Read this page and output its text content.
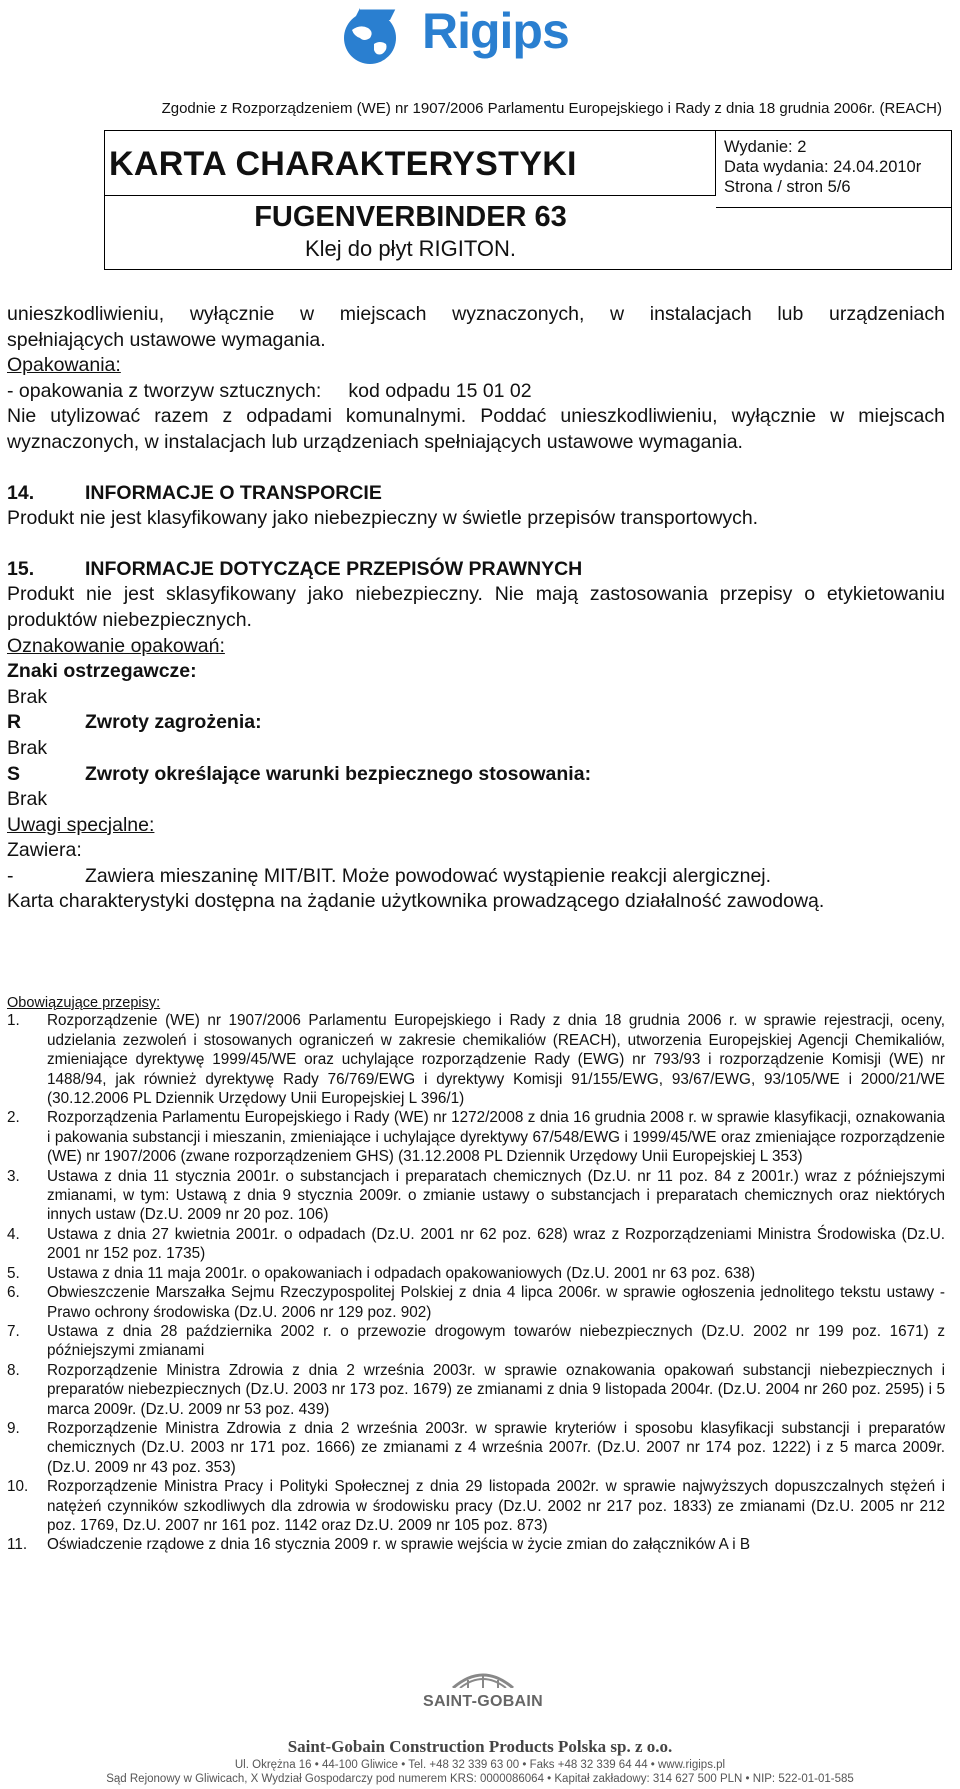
Rigips
Zgodnie z Rozporządzeniem (WE) nr 1907/2006 Parlamentu Europejskiego i Rady z dnia 18 grudnia 2006r. (REACH)
KARTA CHARAKTERYSTYKI	Wydanie: 2
Data wydania: 24.04.2010r
Strona / stron 5/6
FUGENVERBINDER 63
Klej do płyt RIGITON.

unieszkodliwieniu, wyłącznie w miejscach wyznaczonych, w instalacjach lub urządzeniach

spełniających ustawowe wymagania.

Opakowania:

- opakowania z tworzyw sztucznych:     kod odpadu 15 01 02

Nie utylizować razem z odpadami komunalnymi. Poddać unieszkodliwieniu, wyłącznie w miejscach wyznaczonych, w instalacjach lub urządzeniach spełniających ustawowe wymagania.

14.	INFORMACJE O TRANSPORCIE

Produkt nie jest klasyfikowany jako niebezpieczny w świetle przepisów transportowych.

15.	INFORMACJE DOTYCZĄCE PRZEPISÓW PRAWNYCH

Produkt nie jest sklasyfikowany jako niebezpieczny. Nie mają zastosowania przepisy o etykietowaniu produktów niebezpiecznych.

Oznakowanie opakowań:

Znaki ostrzegawcze:

Brak

R	Zwroty zagrożenia:

Brak

S	Zwroty określające warunki bezpiecznego stosowania:

Brak

Uwagi specjalne:

Zawiera:

-	Zawiera mieszaninę MIT/BIT. Może powodować wystąpienie reakcji alergicznej.

Karta charakterystyki dostępna na żądanie użytkownika prowadzącego działalność zawodową.

Obowiązujące przepisy:
1.	Rozporządzenie (WE) nr 1907/2006 Parlamentu Europejskiego i Rady z dnia 18 grudnia 2006 r. w sprawie rejestracji, oceny, udzielania zezwoleń i stosowanych ograniczeń w zakresie chemikaliów (REACH), utworzenia Europejskiej Agencji Chemikaliów, zmieniające dyrektywę 1999/45/WE oraz uchylające rozporządzenie Rady (EWG) nr 793/93 i rozporządzenie Komisji (WE) nr 1488/94, jak również dyrektywę Rady 76/769/EWG i dyrektywy Komisji 91/155/EWG, 93/67/EWG, 93/105/WE i 2000/21/WE (30.12.2006 PL Dziennik Urzędowy Unii Europejskiej L 396/1)
2.	Rozporządzenia Parlamentu Europejskiego i Rady (WE) nr 1272/2008 z dnia 16 grudnia 2008 r. w sprawie klasyfikacji, oznakowania i pakowania substancji i mieszanin, zmieniające i uchylające dyrektywy 67/548/EWG i 1999/45/WE oraz zmieniające rozporządzenie (WE) nr 1907/2006 (zwane rozporządzeniem GHS) (31.12.2008 PL Dziennik Urzędowy Unii Europejskiej L 353)
3.	Ustawa z dnia 11 stycznia 2001r. o substancjach i preparatach chemicznych (Dz.U. nr 11 poz. 84 z 2001r.) wraz z późniejszymi zmianami, w tym: Ustawą z dnia 9 stycznia 2009r. o zmianie ustawy o substancjach i preparatach chemicznych oraz niektórych innych ustaw (Dz.U. 2009 nr 20 poz. 106)
4.	Ustawa z dnia 27 kwietnia 2001r. o odpadach (Dz.U. 2001 nr 62 poz. 628) wraz z Rozporządzeniami Ministra Środowiska (Dz.U. 2001 nr 152 poz. 1735)
5.	Ustawa z dnia 11 maja 2001r. o opakowaniach i odpadach opakowaniowych (Dz.U. 2001 nr 63 poz. 638)
6.	Obwieszczenie Marszałka Sejmu Rzeczypospolitej Polskiej z dnia 4 lipca 2006r. w sprawie ogłoszenia jednolitego tekstu ustawy - Prawo ochrony środowiska (Dz.U. 2006 nr 129 poz. 902)
7.	Ustawa z dnia 28 października 2002 r. o przewozie drogowym towarów niebezpiecznych (Dz.U. 2002 nr 199 poz. 1671) z późniejszymi zmianami
8.	Rozporządzenie Ministra Zdrowia z dnia 2 września 2003r. w sprawie oznakowania opakowań substancji niebezpiecznych i preparatów niebezpiecznych (Dz.U. 2003 nr 173 poz. 1679) ze zmianami z dnia 9 listopada 2004r. (Dz.U. 2004 nr 260 poz. 2595) i 5 marca 2009r. (Dz.U. 2009 nr 53 poz. 439)
9.	Rozporządzenie Ministra Zdrowia z dnia 2 września 2003r. w sprawie kryteriów i sposobu klasyfikacji substancji i preparatów chemicznych (Dz.U. 2003 nr 171 poz. 1666) ze zmianami z 4 września 2007r. (Dz.U. 2007 nr 174 poz. 1222) i z 5 marca 2009r. (Dz.U. 2009 nr 43 poz. 353)
10.	Rozporządzenie Ministra Pracy i Polityki Społecznej z dnia 29 listopada 2002r. w sprawie najwyższych dopuszczalnych stężeń i natężeń czynników szkodliwych dla zdrowia w środowisku pracy (Dz.U. 2002 nr 217 poz. 1833) ze zmianami (Dz.U. 2005 nr 212 poz. 1769, Dz.U. 2007 nr 161 poz. 1142 oraz Dz.U. 2009 nr 105 poz. 873)
11.	Oświadczenie rządowe z dnia 16 stycznia 2009 r. w sprawie wejścia w życie zmian do załączników A i B
SAINT-GOBAIN
Saint-Gobain Construction Products Polska sp. z o.o.
Ul. Okrężna 16 • 44-100 Gliwice • Tel. +48 32 339 63 00 • Faks +48 32 339 64 44 • www.rigips.pl
Sąd Rejonowy w Gliwicach, X Wydział Gospodarczy pod numerem KRS: 0000086064 • Kapitał zakładowy: 314 627 500 PLN • NIP: 522-01-01-585
